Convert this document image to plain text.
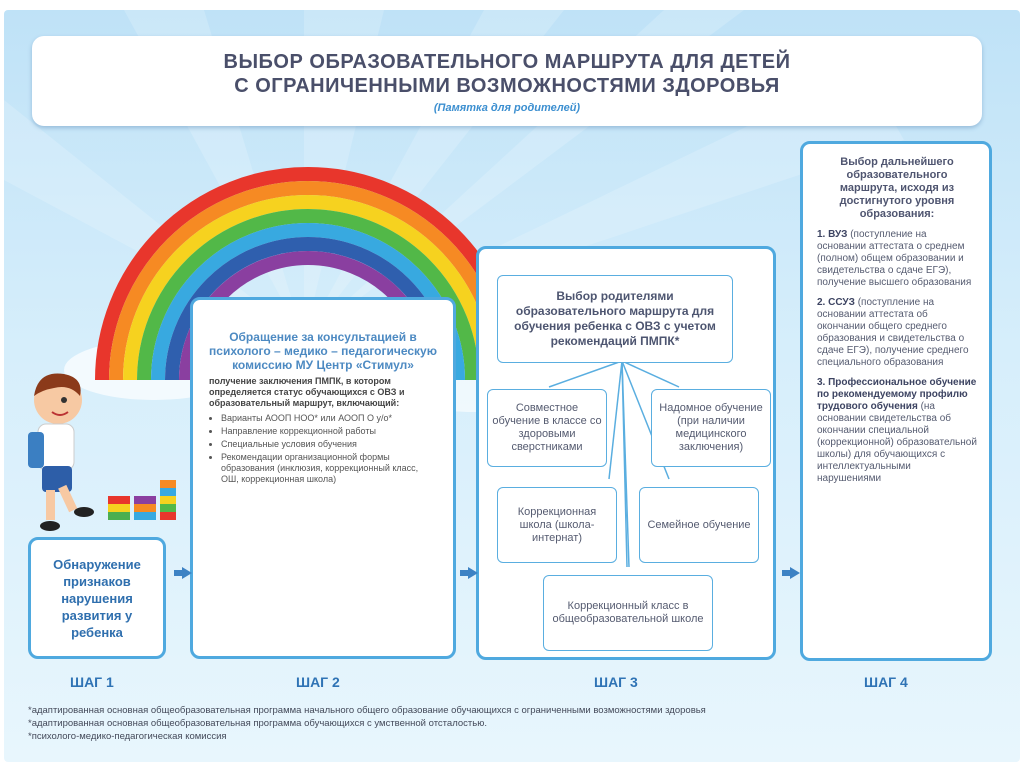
ВЫБОР ОБРАЗОВАТЕЛЬНОГО МАРШРУТА ДЛЯ ДЕТЕЙ
С ОГРАНИЧЕННЫМИ ВОЗМОЖНОСТЯМИ ЗДОРОВЬЯ
(Памятка для родителей)
Обнаружение признаков нарушения развития у ребенка
Обращение за консультацией в психолого – медико – педагогическую комиссию МУ Центр «Стимул»
получение заключения ПМПК, в котором определяется статус обучающихся с ОВЗ и образовательный маршрут, включающий:
• Варианты АООП НОО* или АООП О у/о*
• Направление коррекционной работы
• Специальные условия обучения
• Рекомендации организационной формы образования (инклюзия, коррекционный класс, ОШ, коррекционная школа)
Выбор родителями образовательного маршрута для обучения ребенка с ОВЗ с учетом рекомендаций ПМПК*
Совместное обучение в классе со здоровыми сверстниками
Надомное обучение (при наличии медицинского заключения)
Коррекционная школа (школа-интернат)
Семейное обучение
Коррекционный класс в общеобразовательной школе
Выбор дальнейшего образовательного маршрута, исходя из достигнутого уровня образования:
1. ВУЗ (поступление на основании аттестата о среднем (полном) общем образовании и свидетельства о сдаче ЕГЭ), получение высшего образования
2. ССУЗ (поступление на основании аттестата об окончании общего среднего образования и свидетельства о сдаче ЕГЭ), получение среднего специального образования
3. Профессиональное обучение по рекомендуемому профилю трудового обучения (на основании свидетельства об окончании специальной (коррекционной) образовательной школы) для обучающихся с интеллектуальными нарушениями
ШАГ 1	ШАГ 2	ШАГ 3	ШАГ 4
*адаптированная основная общеобразовательная программа начального общего образование обучающихся с ограниченными возможностями здоровья
*адаптированная основная общеобразовательная программа обучающихся с умственной отсталостью.
*психолого-медико-педагогическая комиссия
